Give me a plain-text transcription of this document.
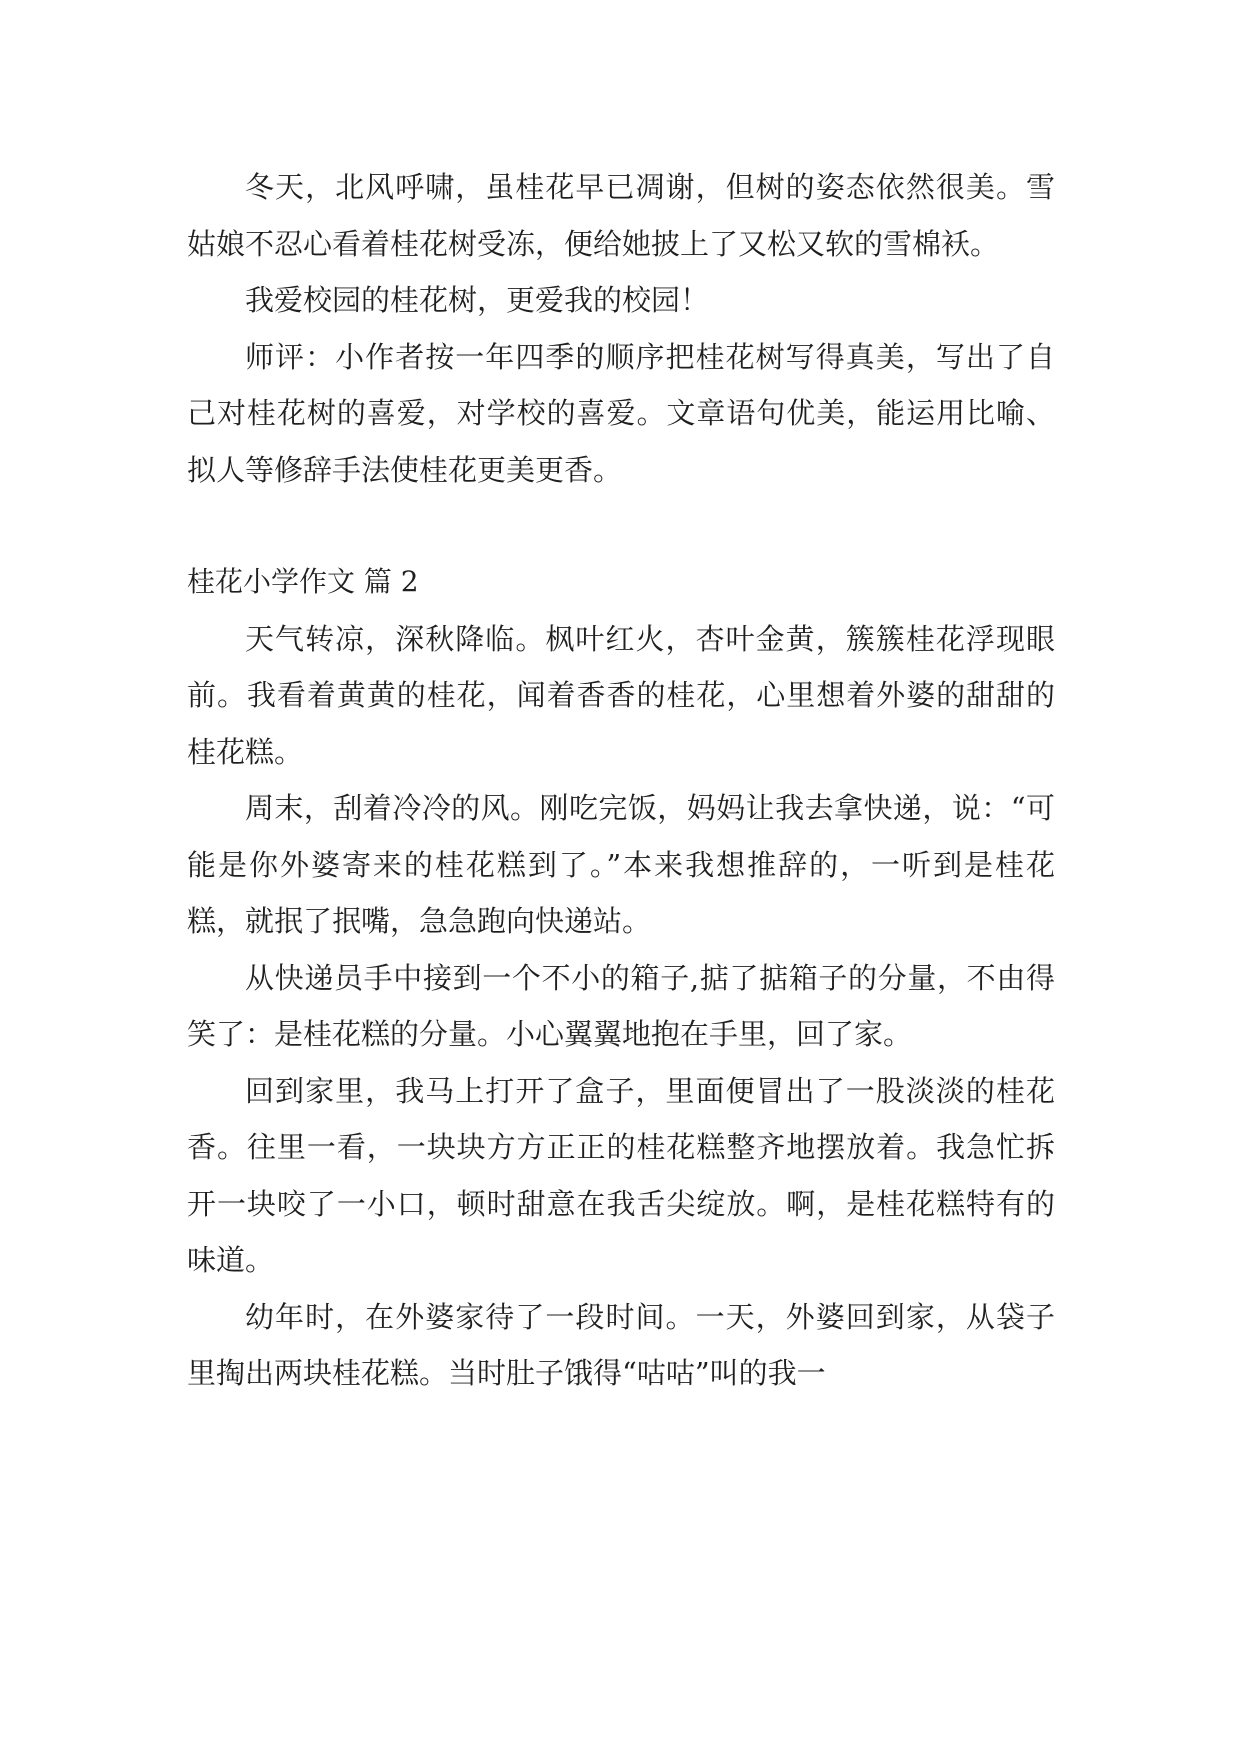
冬天，北风呼啸，虽桂花早已凋谢，但树的姿态依然很美。雪姑娘不忍心看着桂花树受冻，便给她披上了又松又软的雪棉袄。

我爱校园的桂花树，更爱我的校园！

师评：小作者按一年四季的顺序把桂花树写得真美，写出了自己对桂花树的喜爱，对学校的喜爱。文章语句优美，能运用比喻、拟人等修辞手法使桂花更美更香。

桂花小学作文 篇 2

天气转凉，深秋降临。枫叶红火，杏叶金黄，簇簇桂花浮现眼前。我看着黄黄的桂花，闻着香香的桂花，心里想着外婆的甜甜的桂花糕。

周末，刮着冷冷的风。刚吃完饭，妈妈让我去拿快递，说：“可能是你外婆寄来的桂花糕到了。”本来我想推辞的，一听到是桂花糕，就抿了抿嘴，急急跑向快递站。

从快递员手中接到一个不小的箱子,掂了掂箱子的分量，不由得笑了：是桂花糕的分量。小心翼翼地抱在手里，回了家。

回到家里，我马上打开了盒子，里面便冒出了一股淡淡的桂花香。往里一看，一块块方方正正的桂花糕整齐地摆放着。我急忙拆开一块咬了一小口，顿时甜意在我舌尖绽放。啊，是桂花糕特有的味道。

幼年时，在外婆家待了一段时间。一天，外婆回到家，从袋子里掏出两块桂花糕。当时肚子饿得“咕咕”叫的我一
